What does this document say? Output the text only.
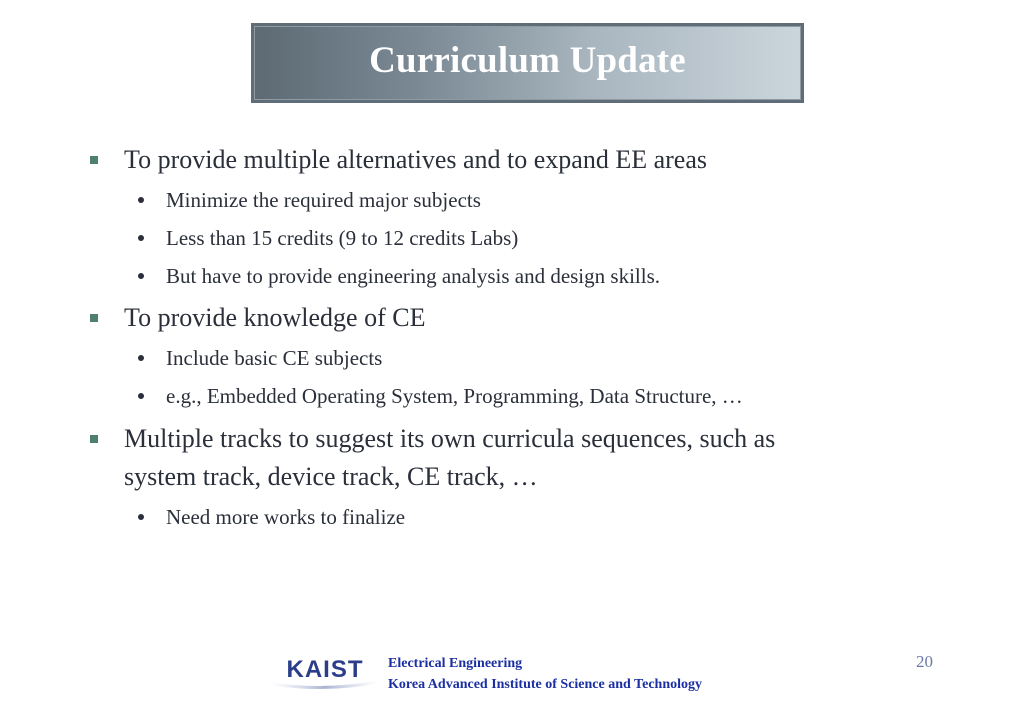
Curriculum Update
To provide multiple alternatives and to expand EE areas
Minimize the required major subjects
Less than 15 credits (9 to 12 credits Labs)
But have to provide engineering analysis and design skills.
To provide knowledge of CE
Include basic CE subjects
e.g., Embedded Operating System, Programming, Data Structure, …
Multiple tracks to suggest its own curricula sequences, such as
system track, device track, CE track, …
Need more works to finalize
KAIST Electrical Engineering
Korea Advanced Institute of Science and Technology
20
